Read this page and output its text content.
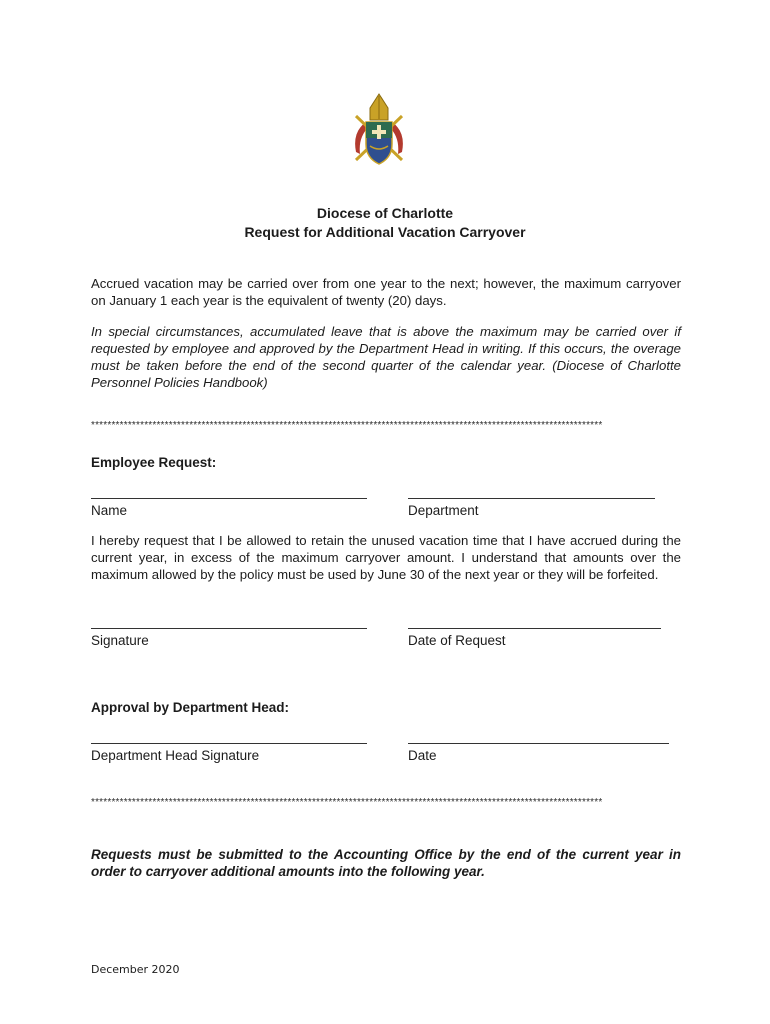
Diocese of Charlotte
Request for Additional Vacation Carryover
Accrued vacation may be carried over from one year to the next; however, the maximum carryover on January 1 each year is the equivalent of twenty (20) days.
In special circumstances, accumulated leave that is above the maximum may be carried over if requested by employee and approved by the Department Head in writing. If this occurs, the overage must be taken before the end of the second quarter of the calendar year. (Diocese of Charlotte Personnel Policies Handbook)
*****************************************************************************************************************************
Employee Request:
Name	Department
I hereby request that I be allowed to retain the unused vacation time that I have accrued during the current year, in excess of the maximum carryover amount. I understand that amounts over the maximum allowed by the policy must be used by June 30 of the next year or they will be forfeited.
Signature	Date of Request
Approval by Department Head:
Department Head Signature	Date
*****************************************************************************************************************************
Requests must be submitted to the Accounting Office by the end of the current year in order to carryover additional amounts into the following year.
December 2020
